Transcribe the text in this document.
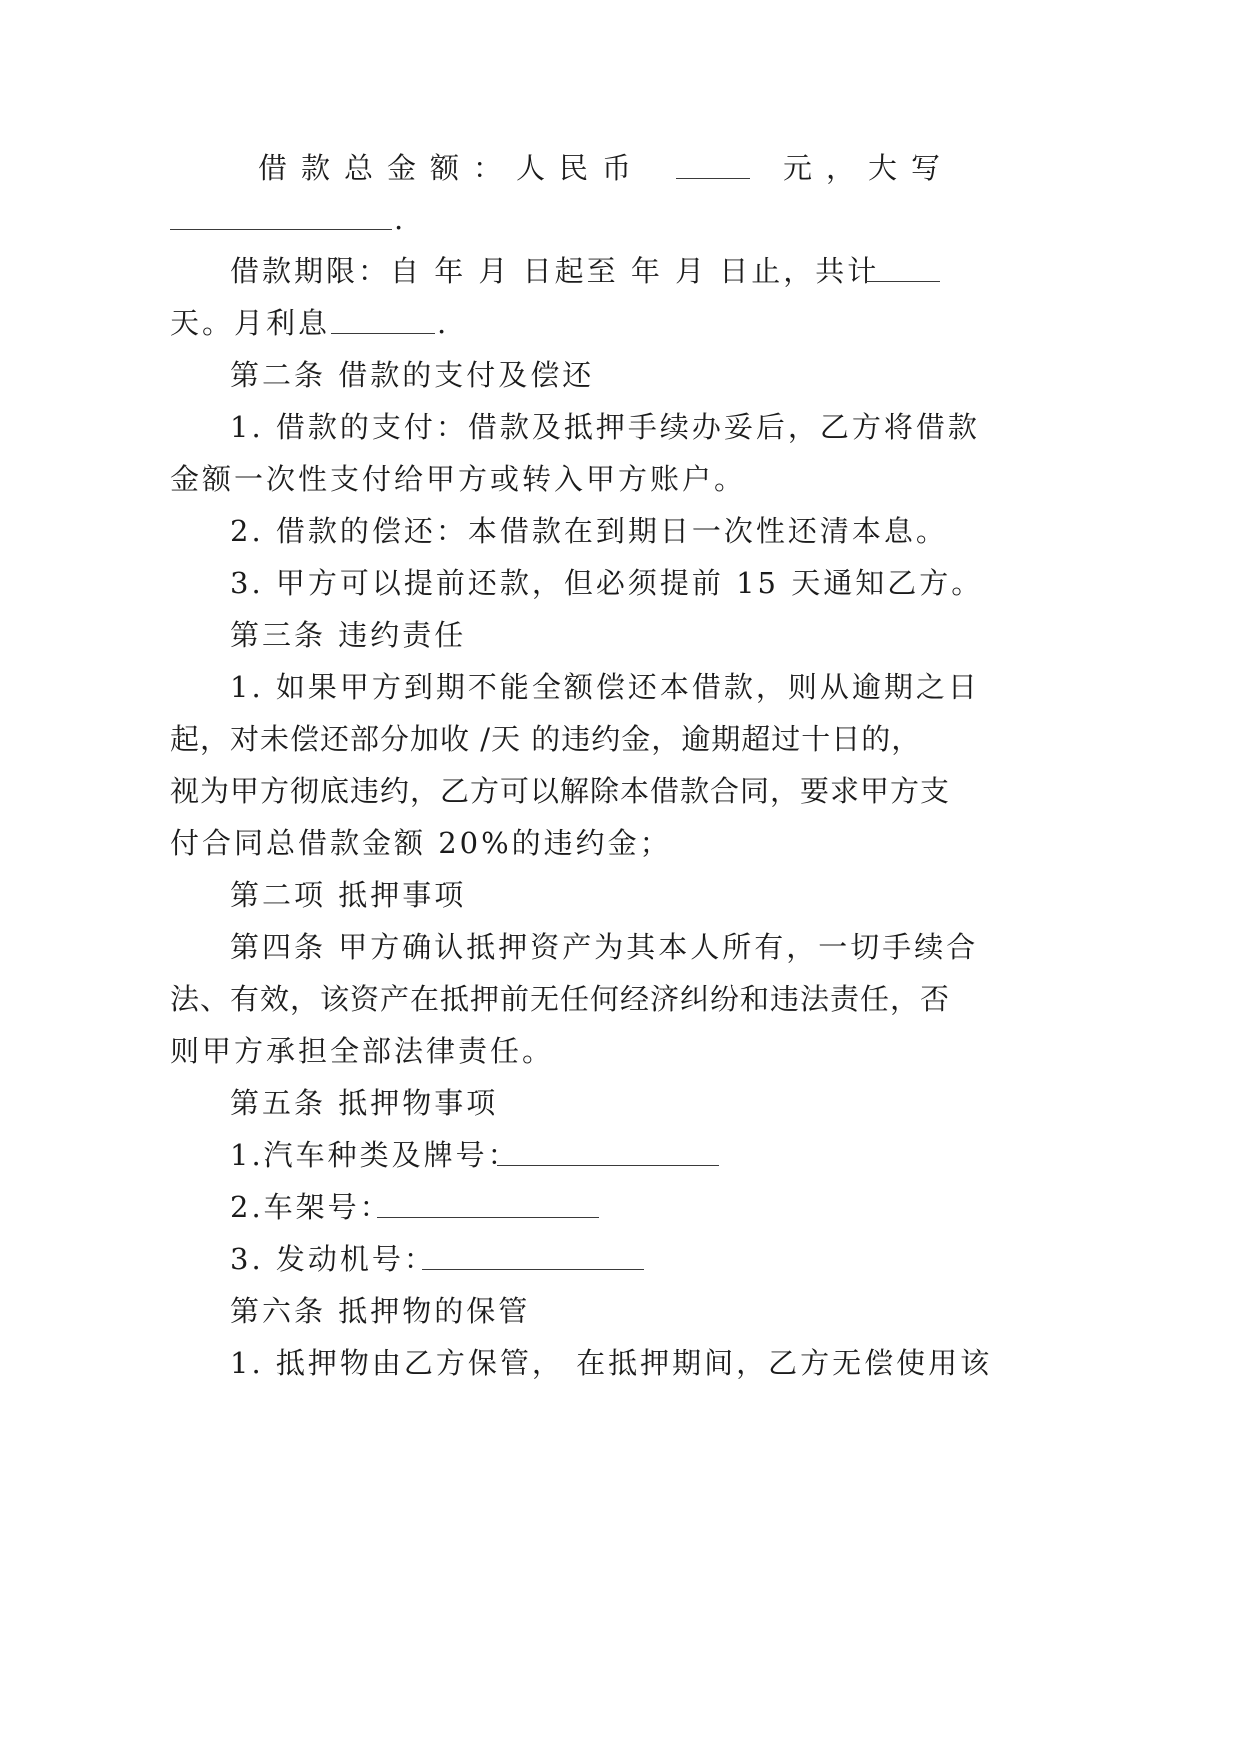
借款总金额：人民币	元，
大写
.
借款期限：自 年 月 日起至 年 月 日止，共计
天。月利息	.
第二条 借款的支付及偿还
1. 借款的支付：借款及抵押手续办妥后，乙方将借款
金额一次性支付给甲方或转入甲方账户。
2. 借款的偿还：本借款在到期日一次性还清本息。
3. 甲方可以提前还款，但必须提前 15 天通知乙方。
第三条 违约责任
1. 如果甲方到期不能全额偿还本借款，则从逾期之日
起，对未偿还部分加收 /天 的违约金，逾期超过十日的，
视为甲方彻底违约，乙方可以解除本借款合同，要求甲方支
付合同总借款金额 20%的违约金；
第二项 抵押事项
第四条 甲方确认抵押资产为其本人所有，一切手续合
法、有效，该资产在抵押前无任何经济纠纷和违法责任，否
则甲方承担全部法律责任。
第五条 抵押物事项
1.汽车种类及牌号：
2.车架号：
3. 发动机号：
第六条 抵押物的保管
1. 抵押物由乙方保管， 在抵押期间，乙方无偿使用该
